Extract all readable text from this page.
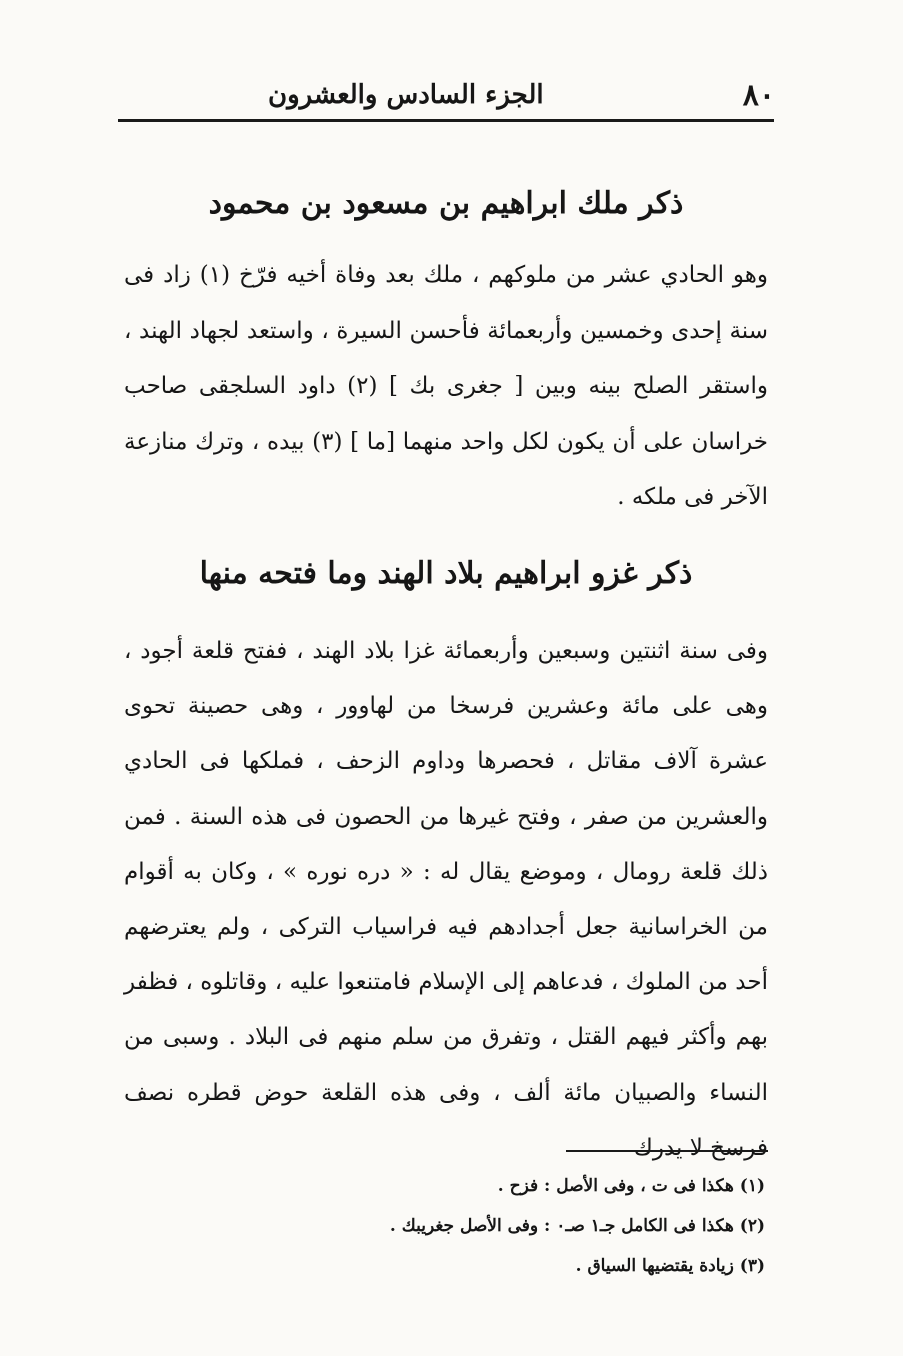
٨٠
الجزء السادس والعشرون
ذكر ملك ابراهيم بن مسعود بن محمود

وهو الحادي عشر من ملوكهم ، ملك بعد وفاة أخيه فرّخ (١) زاد فى سنة إحدى وخمسين وأربعمائة فأحسن السيرة ، واستعد لجهاد الهند ، واستقر الصلح بينه وبين [ جغرى بك ] (٢) داود السلجقى صاحب خراسان على أن يكون لكل واحد منهما [ما ] (٣) بيده ، وترك منازعة الآخر فى ملكه .

ذكر غزو ابراهيم بلاد الهند وما فتحه منها

وفى سنة اثنتين وسبعين وأربعمائة غزا بلاد الهند ، ففتح قلعة أجود ، وهى على مائة وعشرين فرسخا من لهاوور ، وهى حصينة تحوى عشرة آلاف مقاتل ، فحصرها وداوم الزحف ، فملكها فى الحادي والعشرين من صفر ، وفتح غيرها من الحصون فى هذه السنة . فمن ذلك قلعة رومال ، وموضع يقال له : « دره نوره » ، وكان به أقوام من الخراسانية جعل أجدادهم فيه فراسياب التركى ، ولم يعترضهم أحد من الملوك ، فدعاهم إلى الإسلام فامتنعوا عليه ، وقاتلوه ، فظفر بهم وأكثر فيهم القتل ، وتفرق من سلم منهم فى البلاد . وسبى من النساء والصبيان مائة ألف ، وفى هذه القلعة حوض قطره نصف فرسخ لا يدرك

(١) هكذا فى ت ، وفى الأصل : فزح .
(٢) هكذا فى الكامل جـ١ صـ٠ : وفى الأصل جغريبك .
(٣) زيادة يقتضيها السياق .
